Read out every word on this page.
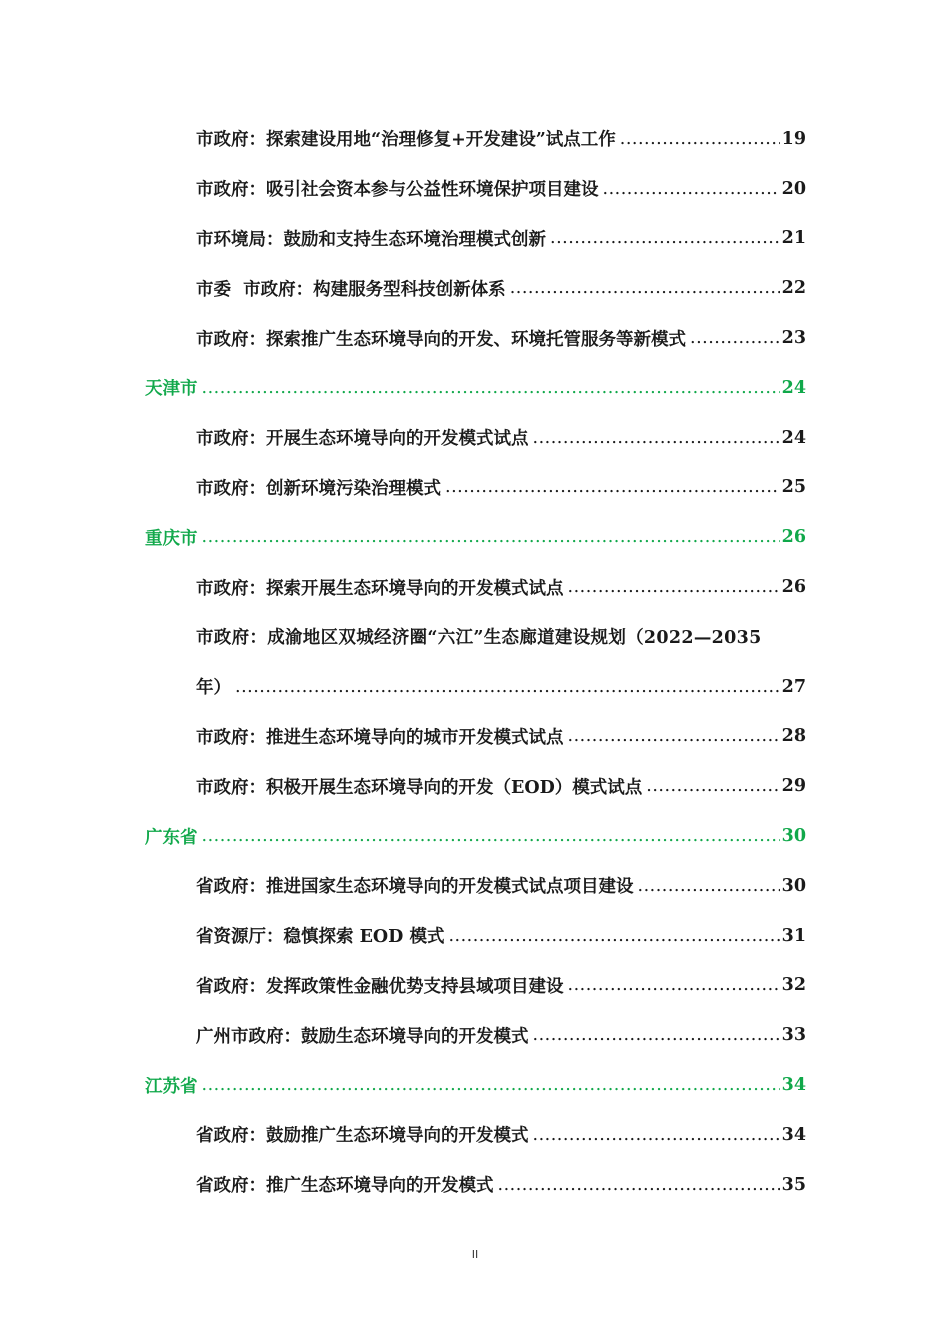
市政府：探索建设用地“治理修复+开发建设”试点工作 .....	19
市政府：吸引社会资本参与公益性环境保护项目建设 .....	20
市环境局：鼓励和支持生态环境治理模式创新 .....	21
市委  市政府：构建服务型科技创新体系 .....	22
市政府：探索推广生态环境导向的开发、环境托管服务等新模式 .....	23
天津市 .....	24
市政府：开展生态环境导向的开发模式试点 .....	24
市政府：创新环境污染治理模式 .....	25
重庆市 .....	26
市政府：探索开展生态环境导向的开发模式试点 .....	26
市政府：成渝地区双城经济圈“六江”生态廊道建设规划（2022—2035
年） .....	27
市政府：推进生态环境导向的城市开发模式试点 .....	28
市政府：积极开展生态环境导向的开发（EOD）模式试点 .....	29
广东省 .....	30
省政府：推进国家生态环境导向的开发模式试点项目建设 .....	30
省资源厅：稳慎探索 EOD 模式 .....	31
省政府：发挥政策性金融优势支持县域项目建设 .....	32
广州市政府：鼓励生态环境导向的开发模式 .....	33
江苏省 .....	34
省政府：鼓励推广生态环境导向的开发模式 .....	34
省政府：推广生态环境导向的开发模式 .....	35
II
